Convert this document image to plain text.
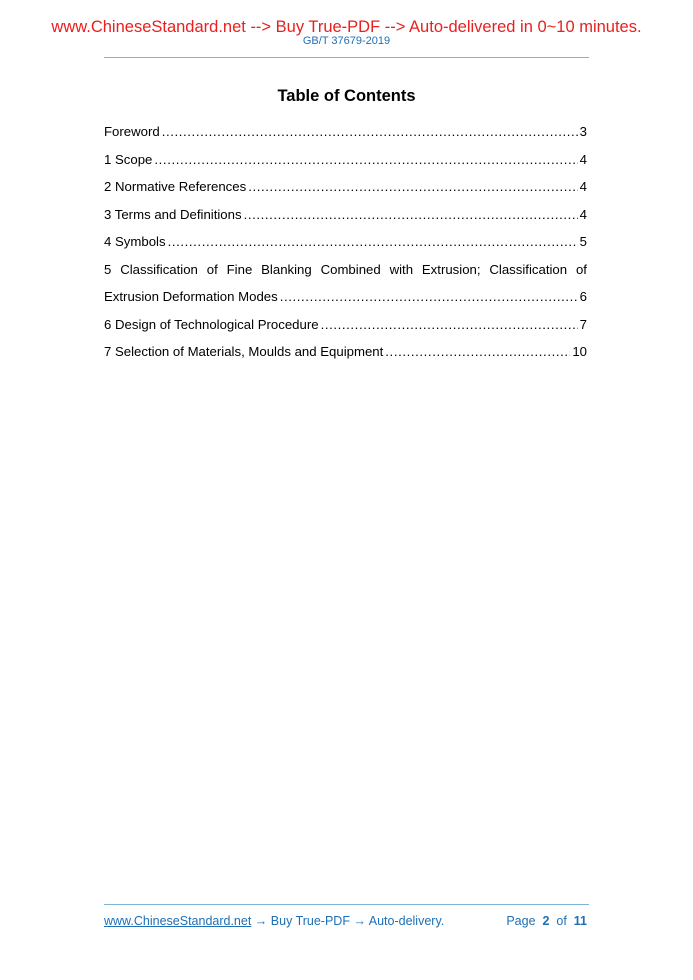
www.ChineseStandard.net --> Buy True-PDF --> Auto-delivered in 0~10 minutes.
GB/T 37679-2019
Table of Contents
Foreword .....	3
1 Scope .....	4
2 Normative References .....	4
3 Terms and Definitions .....	4
4 Symbols .....	5
5 Classification of Fine Blanking Combined with Extrusion; Classification of
Extrusion Deformation Modes .....	6
6 Design of Technological Procedure .....	7
7 Selection of Materials, Moulds and Equipment .....	10
www.ChineseStandard.net → Buy True-PDF → Auto-delivery.	Page 2 of 11
